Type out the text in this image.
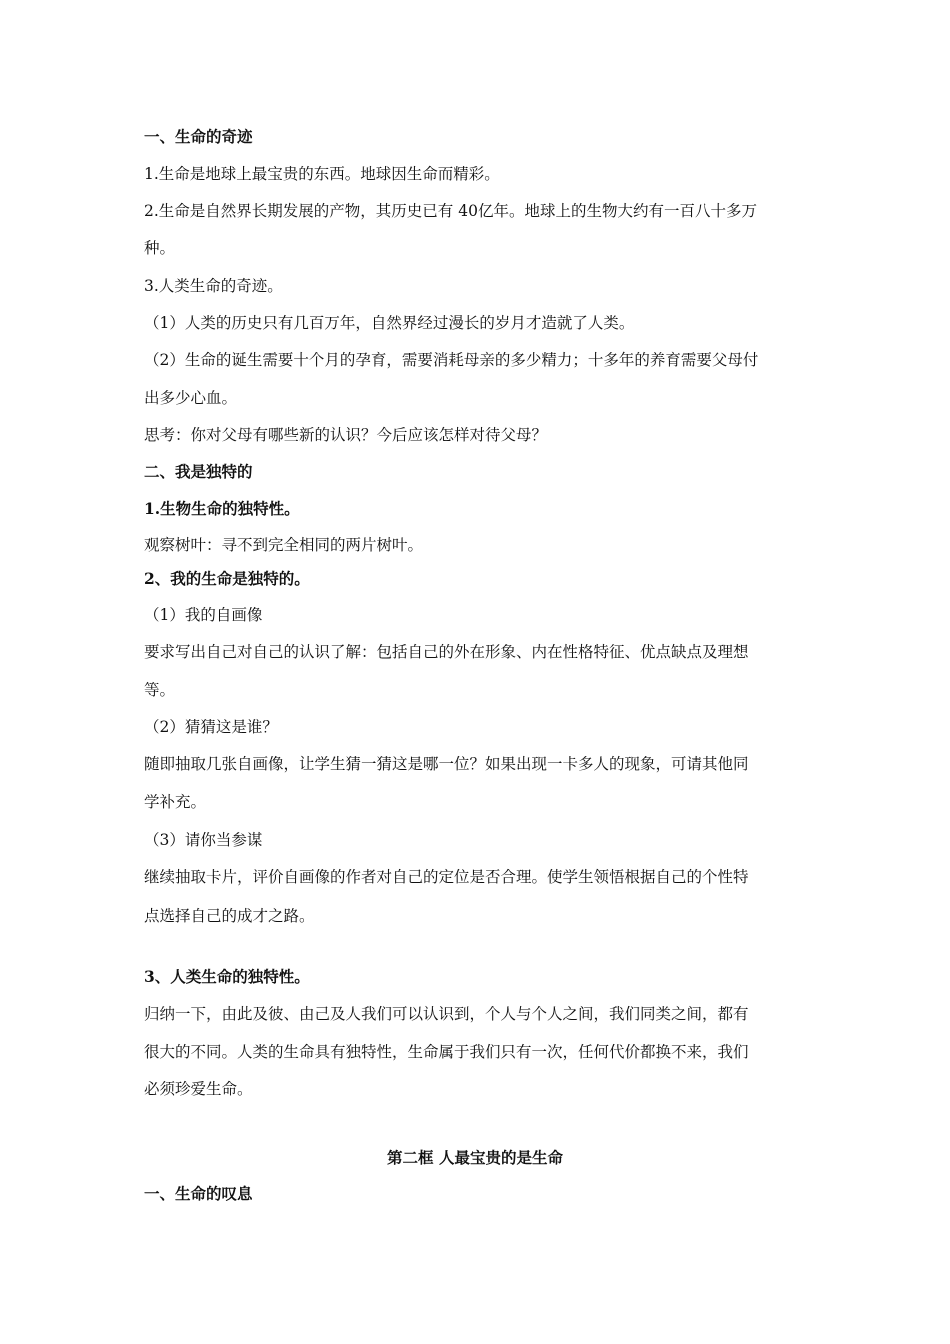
一、生命的奇迹
1.生命是地球上最宝贵的东西。地球因生命而精彩。
2.生命是自然界长期发展的产物，其历史已有 40亿年。地球上的生物大约有一百八十多万
种。
3.人类生命的奇迹。
（1）人类的历史只有几百万年，自然界经过漫长的岁月才造就了人类。
（2）生命的诞生需要十个月的孕育，需要消耗母亲的多少精力；十多年的养育需要父母付
出多少心血。
思考：你对父母有哪些新的认识？今后应该怎样对待父母？
二、我是独特的
1.生物生命的独特性。
观察树叶：寻不到完全相同的两片树叶。
2、我的生命是独特的。
（1）我的自画像
要求写出自己对自己的认识了解：包括自己的外在形象、内在性格特征、优点缺点及理想
等。
（2）猜猜这是谁？
随即抽取几张自画像，让学生猜一猜这是哪一位？如果出现一卡多人的现象，可请其他同
学补充。
（3）请你当参谋
继续抽取卡片，评价自画像的作者对自己的定位是否合理。使学生领悟根据自己的个性特
点选择自己的成才之路。
3、人类生命的独特性。
归纳一下，由此及彼、由己及人我们可以认识到，个人与个人之间，我们同类之间，都有
很大的不同。人类的生命具有独特性，生命属于我们只有一次，任何代价都换不来，我们
必须珍爱生命。
第二框 人最宝贵的是生命
一、生命的叹息
